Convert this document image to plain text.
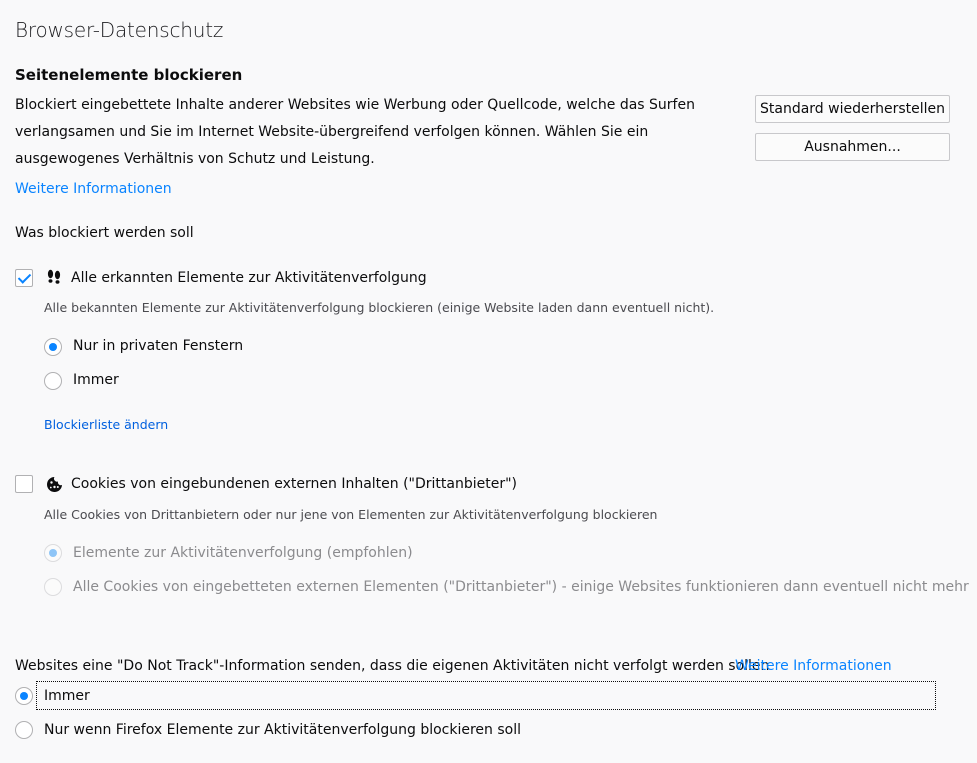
Browser-Datenschutz
Seitenelemente blockieren
Blockiert eingebettete Inhalte anderer Websites wie Werbung oder Quellcode, welche das Surfen verlangsamen und Sie im Internet Website-übergreifend verfolgen können. Wählen Sie ein ausgewogenes Verhältnis von Schutz und Leistung.
Weitere Informationen
Standard wiederherstellen
Ausnahmen...
Was blockiert werden soll
Alle erkannten Elemente zur Aktivitätenverfolgung
Alle bekannten Elemente zur Aktivitätenverfolgung blockieren (einige Website laden dann eventuell nicht).
Nur in privaten Fenstern
Immer
Blockierliste ändern
Cookies von eingebundenen externen Inhalten ("Drittanbieter")
Alle Cookies von Drittanbietern oder nur jene von Elementen zur Aktivitätenverfolgung blockieren
Elemente zur Aktivitätenverfolgung (empfohlen)
Alle Cookies von eingebetteten externen Elementen ("Drittanbieter") - einige Websites funktionieren dann eventuell nicht mehr
Websites eine "Do Not Track"-Information senden, dass die eigenen Aktivitäten nicht verfolgt werden sollen
Weitere Informationen
Immer
Nur wenn Firefox Elemente zur Aktivitätenverfolgung blockieren soll
